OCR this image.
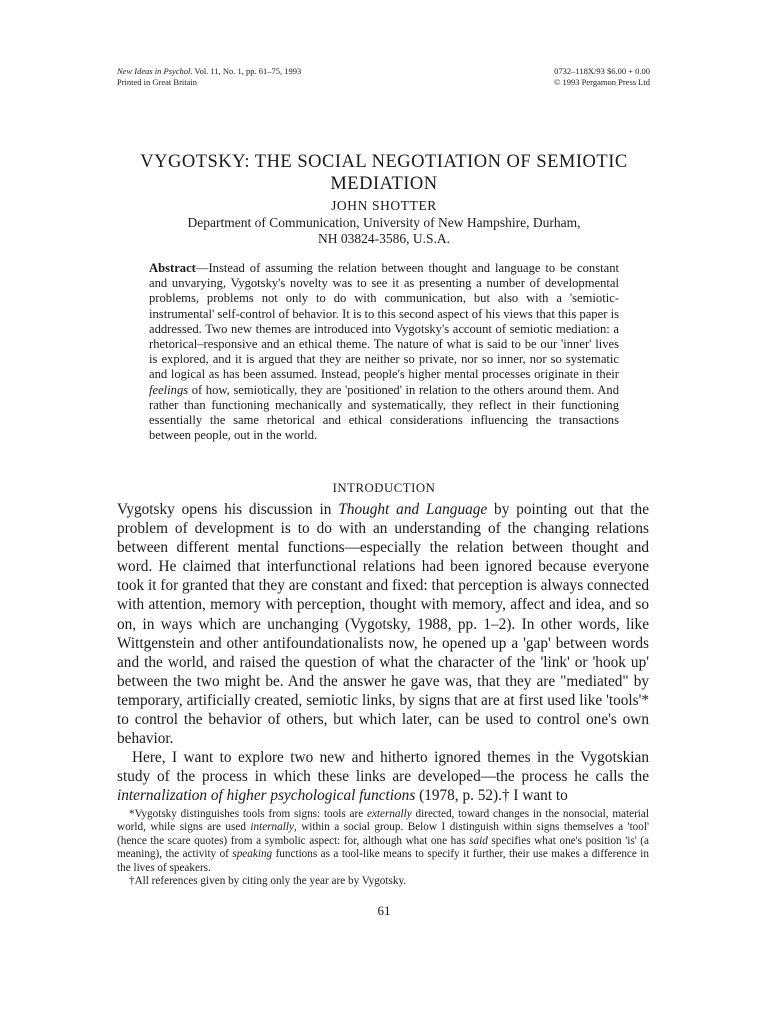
New Ideas in Psychol. Vol. 11, No. 1, pp. 61–75, 1993
Printed in Great Britain
0732–118X/93 $6.00 + 0.00
© 1993 Pergamon Press Ltd
VYGOTSKY: THE SOCIAL NEGOTIATION OF SEMIOTIC
MEDIATION
JOHN SHOTTER
Department of Communication, University of New Hampshire, Durham,
NH 03824-3586, U.S.A.
Abstract—Instead of assuming the relation between thought and language to be constant and unvarying, Vygotsky's novelty was to see it as presenting a number of developmental problems, problems not only to do with communication, but also with a 'semiotic-instrumental' self-control of behavior. It is to this second aspect of his views that this paper is addressed. Two new themes are introduced into Vygotsky's account of semiotic mediation: a rhetorical–responsive and an ethical theme. The nature of what is said to be our 'inner' lives is explored, and it is argued that they are neither so private, nor so inner, nor so systematic and logical as has been assumed. Instead, people's higher mental processes originate in their feelings of how, semiotically, they are 'positioned' in relation to the others around them. And rather than functioning mechanically and systematically, they reflect in their functioning essentially the same rhetorical and ethical considerations influencing the transactions between people, out in the world.
INTRODUCTION

Vygotsky opens his discussion in Thought and Language by pointing out that the problem of development is to do with an understanding of the changing relations between different mental functions—especially the relation between thought and word. He claimed that interfunctional relations had been ignored because everyone took it for granted that they are constant and fixed: that perception is always connected with attention, memory with perception, thought with memory, affect and idea, and so on, in ways which are unchanging (Vygotsky, 1988, pp. 1–2). In other words, like Wittgenstein and other antifoundationalists now, he opened up a 'gap' between words and the world, and raised the question of what the character of the 'link' or 'hook up' between the two might be. And the answer he gave was, that they are "mediated" by temporary, artificially created, semiotic links, by signs that are at first used like 'tools'* to control the behavior of others, but which later, can be used to control one's own behavior.

Here, I want to explore two new and hitherto ignored themes in the Vygotskian study of the process in which these links are developed—the process he calls the internalization of higher psychological functions (1978, p. 52).† I want to

*Vygotsky distinguishes tools from signs: tools are externally directed, toward changes in the nonsocial, material world, while signs are used internally, within a social group. Below I distinguish within signs themselves a 'tool' (hence the scare quotes) from a symbolic aspect: for, although what one has said specifies what one's position 'is' (a meaning), the activity of speaking functions as a tool-like means to specify it further, their use makes a difference in the lives of speakers.

†All references given by citing only the year are by Vygotsky.

61
